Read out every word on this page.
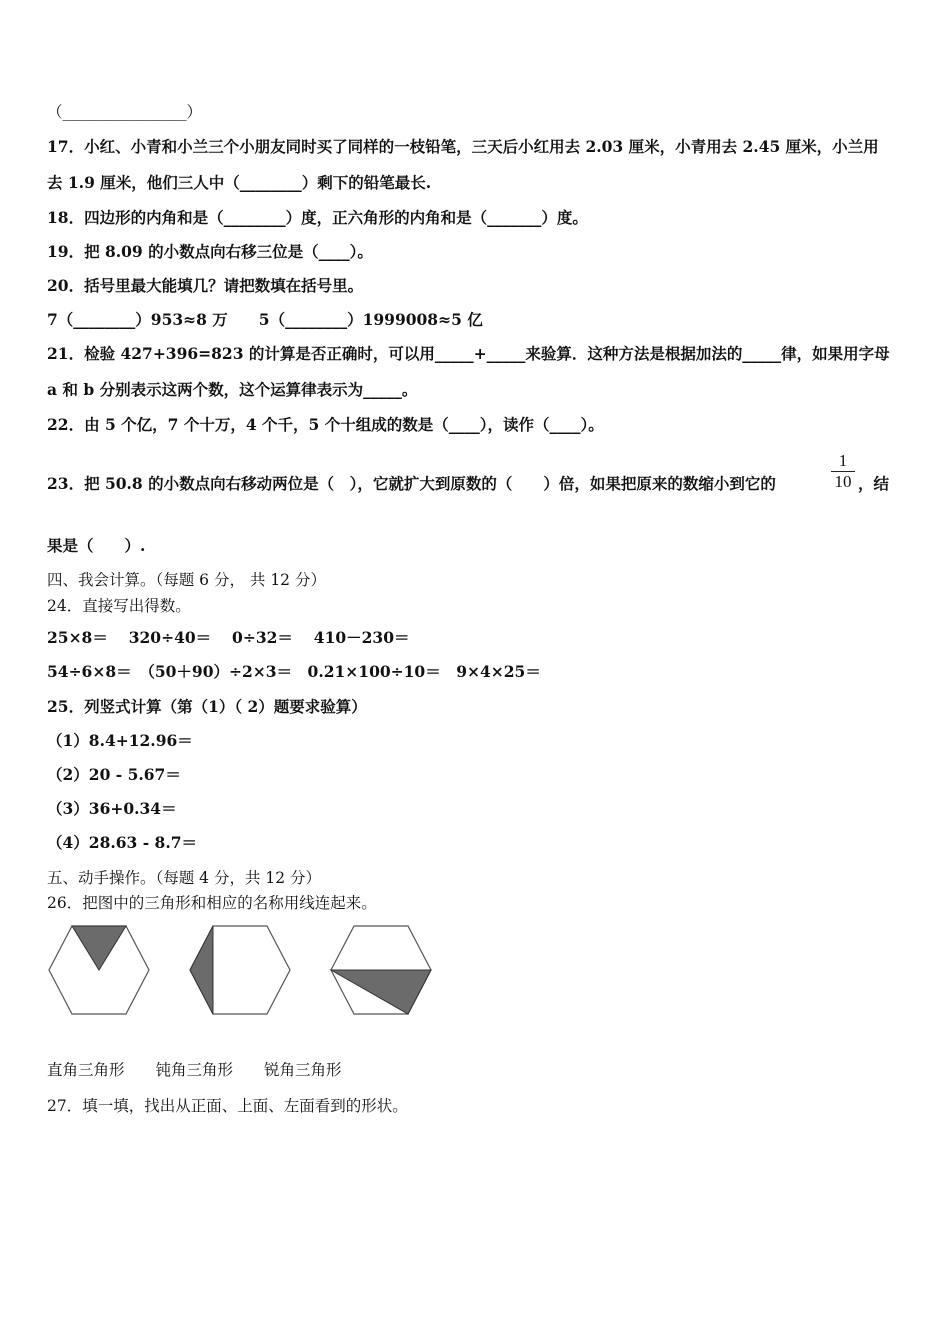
（________________）
17．小红、小青和小兰三个小朋友同时买了同样的一枝铅笔，三天后小红用去 2.03 厘米，小青用去 2.45 厘米，小兰用
去 1.9 厘米，他们三人中（________）剩下的铅笔最长.
18．四边形的内角和是（________）度，正六角形的内角和是（_______）度。
19．把 8.09 的小数点向右移三位是（____）。
20．括号里最大能填几？请把数填在括号里。
7（________）953≈8 万　　5（________）1999008≈5 亿
21．检验 427+396=823 的计算是否正确时，可以用_____+_____来验算．这种方法是根据加法的_____律，如果用字母
a 和 b 分别表示这两个数，这个运算律表示为_____。
22．由 5 个亿，7 个十万，4 个千，5 个十组成的数是（____），读作（____）。
23．把 50.8 的小数点向右移动两位是（　），它就扩大到原数的（　　）倍，如果把原来的数缩小到它的
1
10 ，结
果是（　　）.
四、我会计算。（每题 6 分， 共 12 分）
24．直接写出得数。
25×8＝　 320÷40＝　 0÷32＝　 410－230＝
54÷6×8＝　（50＋90）÷2×3＝　0.21×100÷10＝　9×4×25＝
25．列竖式计算（第（1）（ 2）题要求验算）
（1）8.4+12.96＝
（2）20 ‐ 5.67＝
（3）36+0.34＝
（4）28.63 ‐ 8.7＝
五、动手操作。（每题 4 分，共 12 分）
26．把图中的三角形和相应的名称用线连起来。
直角三角形　　钝角三角形　　锐角三角形
27．填一填，找出从正面、上面、左面看到的形状。
